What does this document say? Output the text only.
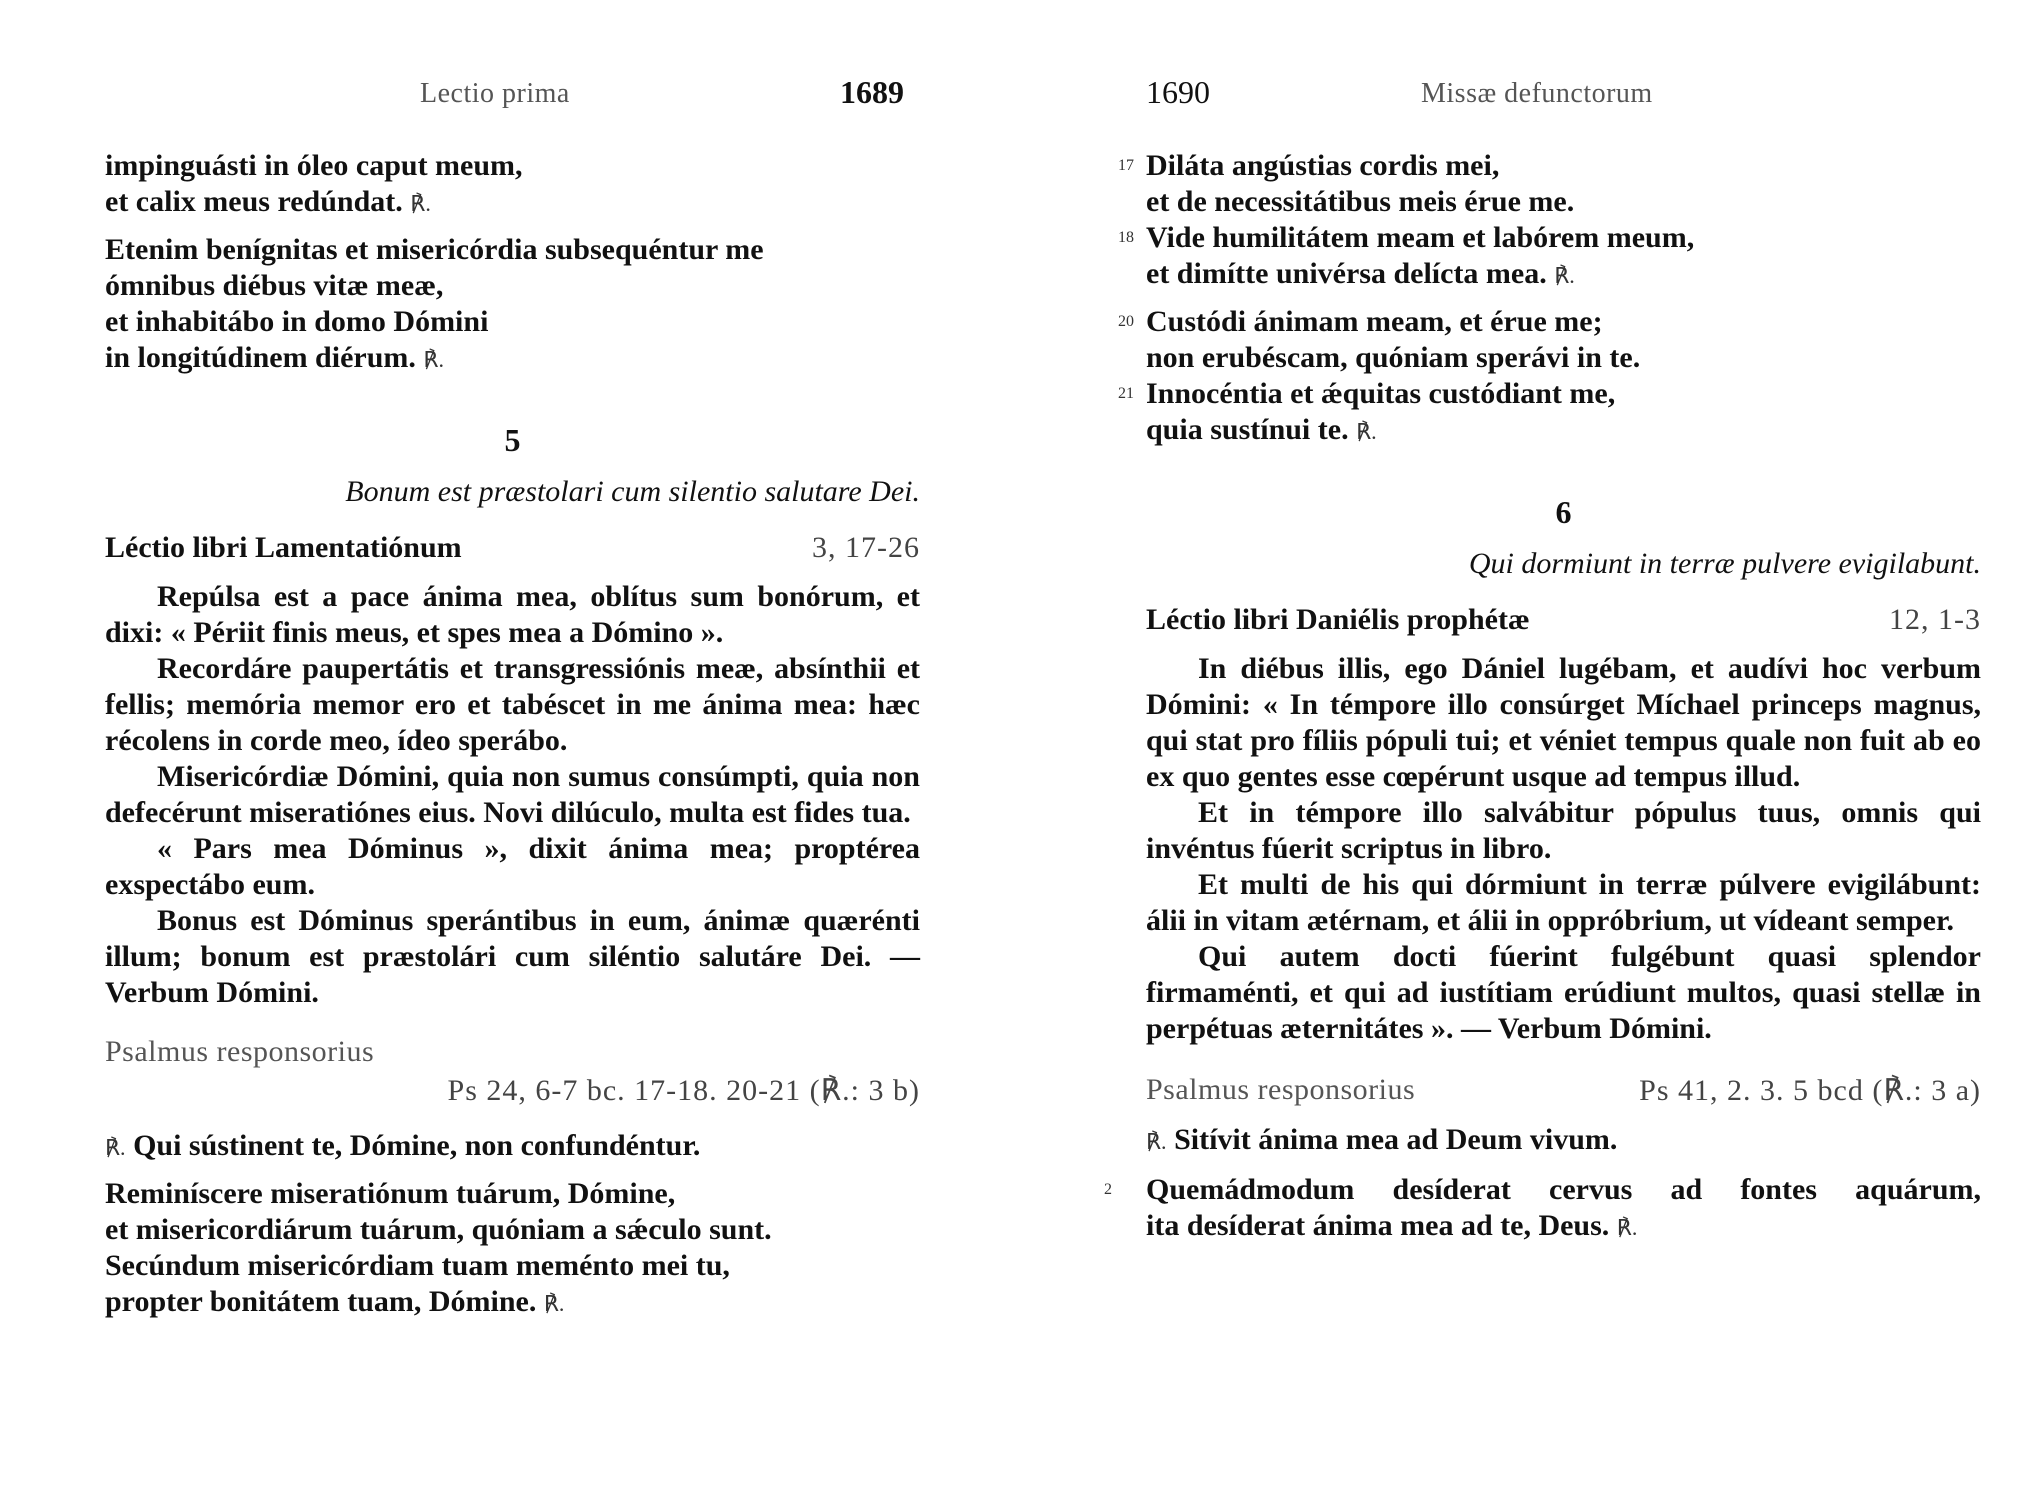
Lectio prima	1689

impinguásti in óleo caput meum,

et calix meus redúndat. ℟.

Etenim benígnitas et misericórdia subsequéntur me

ómnibus diébus vitæ meæ,

et inhabitábo in domo Dómini

in longitúdinem diérum. ℟.

5

Bonum est præstolari cum silentio salutare Dei.

Léctio libri Lamentatiónum	3, 17-26

Repúlsa est a pace ánima mea, oblítus sum bonórum, et dixi: « Périit finis meus, et spes mea a Dómino ».

Recordáre paupertátis et transgressiónis meæ, absínthii et fellis; memória memor ero et tabéscet in me ánima mea: hæc récolens in corde meo, ídeo sperábo.

Misericórdiæ Dómini, quia non sumus consúmpti, quia non defecérunt miseratiónes eius. Novi dilúculo, multa est fides tua.

« Pars mea Dóminus », dixit ánima mea; proptérea exspectábo eum.

Bonus est Dóminus sperántibus in eum, ánimæ quærénti illum; bonum est præstolári cum siléntio salutáre Dei. — Verbum Dómini.

Psalmus responsorius
Ps 24, 6-7 bc. 17-18. 20-21 (℟.: 3 b)

℟. Qui sústinent te, Dómine, non confundéntur.

Reminíscere miseratiónum tuárum, Dómine,

et misericordiárum tuárum, quóniam a sǽculo sunt.

Secúndum misericórdiam tuam meménto mei tu,

propter bonitátem tuam, Dómine. ℟.

1690	Missæ defunctorum

17 Diláta angústias cordis mei,

et de necessitátibus meis érue me.

18 Vide humilitátem meam et labórem meum,

et dimítte univérsa delícta mea. ℟.

20 Custódi ánimam meam, et érue me;

non erubéscam, quóniam sperávi in te.

21 Innocéntia et ǽquitas custódiant me,

quia sustínui te. ℟.

6

Qui dormiunt in terræ pulvere evigilabunt.

Léctio libri Daniélis prophétæ	12, 1-3

In diébus illis, ego Dániel lugébam, et audívi hoc verbum Dómini: « In témpore illo consúrget Míchael princeps magnus, qui stat pro fíliis pópuli tui; et véniet tempus quale non fuit ab eo ex quo gentes esse cœpérunt usque ad tempus illud.

Et in témpore illo salvábitur pópulus tuus, omnis qui invéntus fúerit scriptus in libro.

Et multi de his qui dórmiunt in terræ púlvere evigilábunt: álii in vitam ætérnam, et álii in oppróbrium, ut vídeant semper.

Qui autem docti fúerint fulgébunt quasi splendor firmaménti, et qui ad iustítiam erúdiunt multos, quasi stellæ in perpétuas æternitátes ». — Verbum Dómini.

Psalmus responsorius	Ps 41, 2. 3. 5 bcd (℟.: 3 a)

℟. Sitívit ánima mea ad Deum vivum.

2	Quemádmodum desíderat cervus ad fontes aquárum,

ita desíderat ánima mea ad te, Deus. ℟.
